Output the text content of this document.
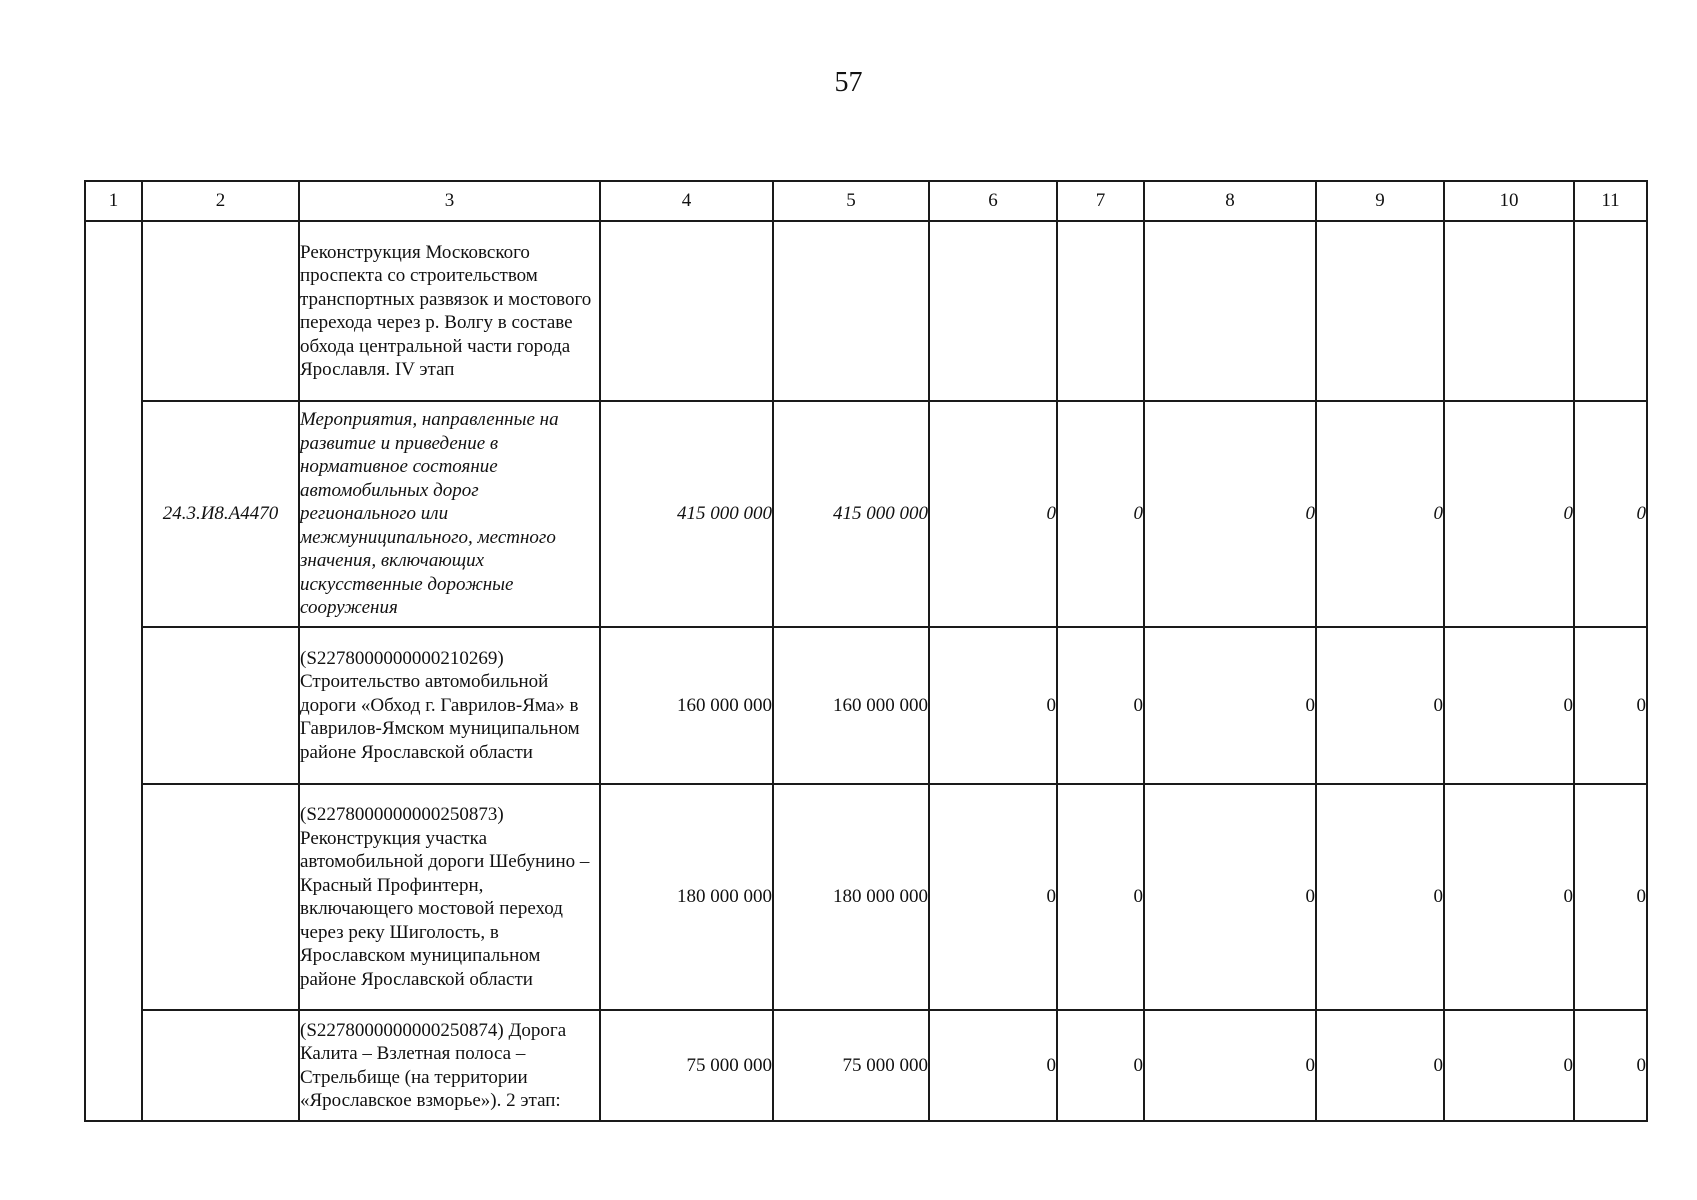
57
1	2	3	4	5	6	7	8	9	10	11
		Реконструкция Московского проспекта со строительством транспортных развязок и мостового перехода через р. Волгу в составе обхода центральной части города Ярославля. IV этап								
	24.3.И8.А4470	Мероприятия, направленные на развитие и приведение в нормативное состояние автомобильных дорог регионального или межмуниципального, местного значения, включающих искусственные дорожные сооружения	415 000 000	415 000 000	0	0	0	0	0	0
		(S2278000000000210269) Строительство автомобильной дороги «Обход г. Гаврилов-Яма» в Гаврилов-Ямском муниципальном районе Ярославской области	160 000 000	160 000 000	0	0	0	0	0	0
		(S2278000000000250873) Реконструкция участка автомобильной дороги Шебунино – Красный Профинтерн, включающего мостовой переход через реку Шиголость, в Ярославском муниципальном районе Ярославской области	180 000 000	180 000 000	0	0	0	0	0	0
		(S2278000000000250874) Дорога Калита – Взлетная полоса – Стрельбище (на территории «Ярославское взморье»). 2 этап:	75 000 000	75 000 000	0	0	0	0	0	0
